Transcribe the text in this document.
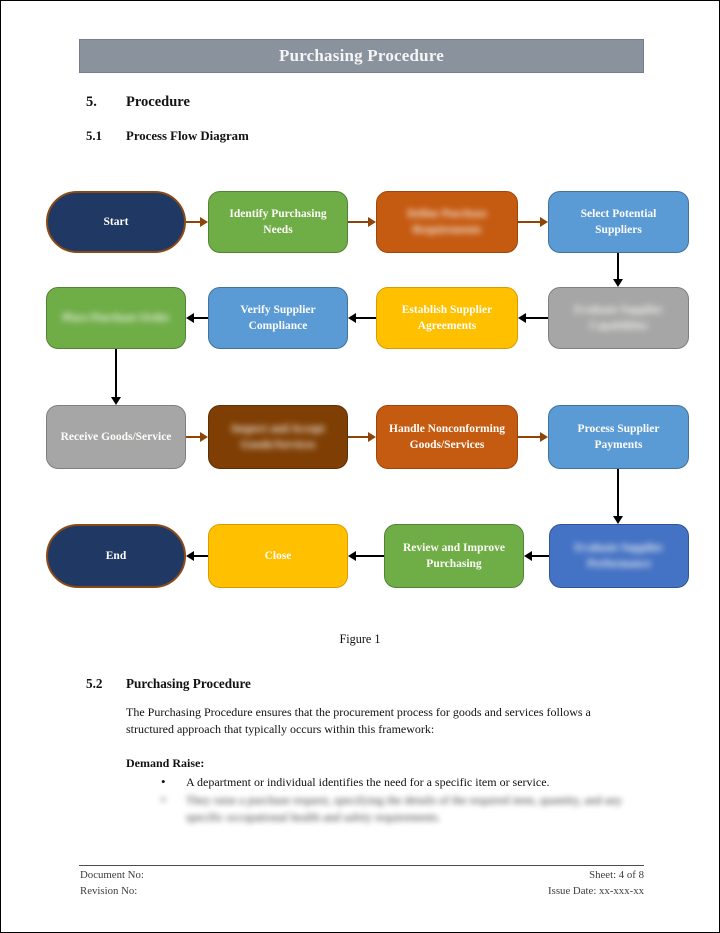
Purchasing Procedure
5.	Procedure
5.1	Process Flow Diagram
Start
Identify Purchasing Needs
Define Purchase Requirements
Select Potential Suppliers
Place Purchase Order
Verify Supplier Compliance
Establish Supplier Agreements
Evaluate Supplier Capabilities
Receive Goods/Service
Inspect and Accept Goods/Services
Handle Nonconforming Goods/Services
Process Supplier Payments
End	Close
Review and Improve Purchasing
Evaluate Supplier Performance
Figure 1
5.2	Purchasing Procedure
The Purchasing Procedure ensures that the procurement process for goods and services follows a structured approach that typically occurs within this framework:
Demand Raise:
• A department or individual identifies the need for a specific item or service.
• They raise a purchase request, specifying the details of the required item, quantity, and any specific occupational health and safety requirements.
Document No:
Revision No:
Sheet: 4 of 8
Issue Date: xx-xxx-xx
